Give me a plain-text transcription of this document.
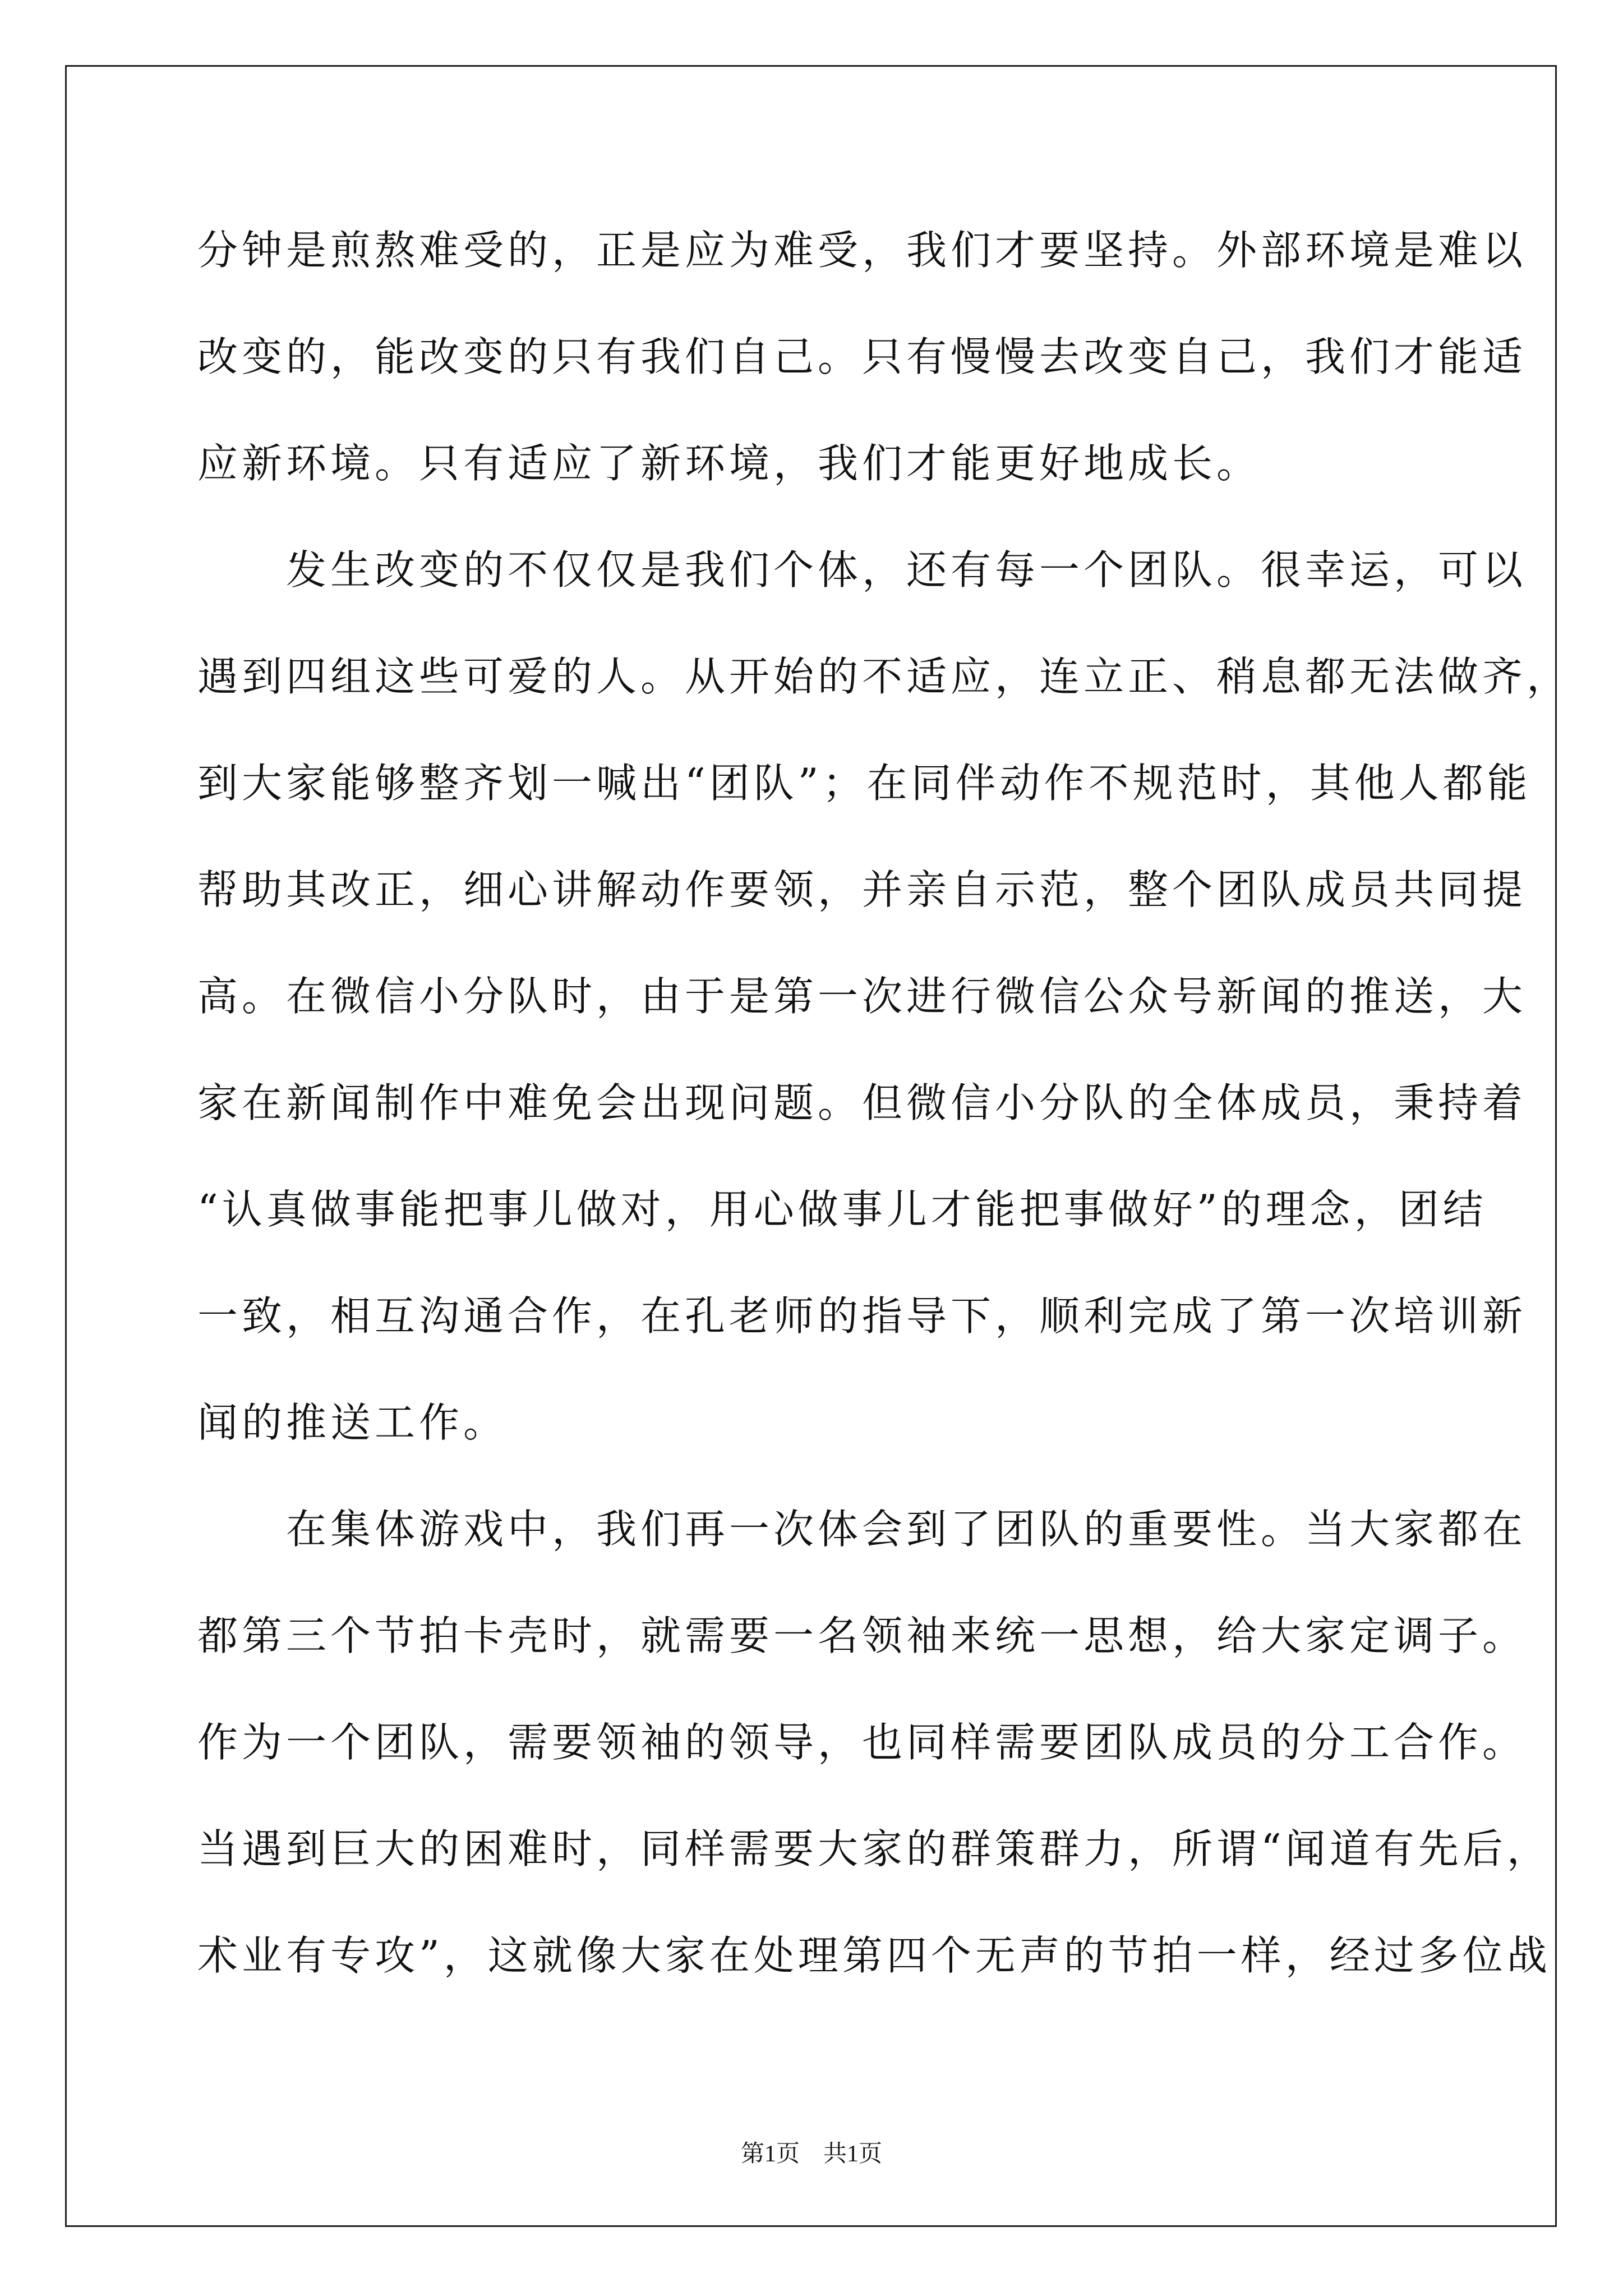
分钟是煎熬难受的，正是应为难受，我们才要坚持。外部环境是难以
改变的，能改变的只有我们自己。只有慢慢去改变自己，我们才能适
应新环境。只有适应了新环境，我们才能更好地成长。
　　发生改变的不仅仅是我们个体，还有每一个团队。很幸运，可以
遇到四组这些可爱的人。从开始的不适应，连立正、稍息都无法做齐，
到大家能够整齐划一喊出“团队”；在同伴动作不规范时，其他人都能
帮助其改正，细心讲解动作要领，并亲自示范，整个团队成员共同提
高。在微信小分队时，由于是第一次进行微信公众号新闻的推送，大
家在新闻制作中难免会出现问题。但微信小分队的全体成员，秉持着
“认真做事能把事儿做对，用心做事儿才能把事做好”的理念，团结
一致，相互沟通合作，在孔老师的指导下，顺利完成了第一次培训新
闻的推送工作。
　　在集体游戏中，我们再一次体会到了团队的重要性。当大家都在
都第三个节拍卡壳时，就需要一名领袖来统一思想，给大家定调子。
作为一个团队，需要领袖的领导，也同样需要团队成员的分工合作。
当遇到巨大的困难时，同样需要大家的群策群力，所谓“闻道有先后，
术业有专攻”，这就像大家在处理第四个无声的节拍一样，经过多位战
第1页　共1页
